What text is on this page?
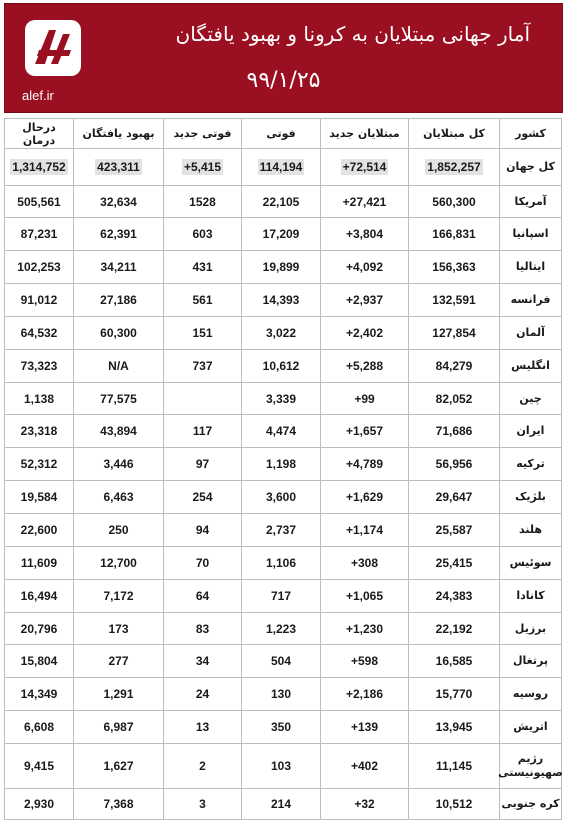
alef.ir
آمار جهانی مبتلایان به کرونا و بهبود یافتگان
۹۹/۱/۲۵
کشور
کل مبتلایان
مبتلایان جدید
فوتی
فوتی جدید
بهبود یافتگان
درحال درمان
کل جهان
1,852,257
+72,514
114,194
+5,415
423,311
1,314,752
آمریکا
560,300
+27,421
22,105
1528
32,634
505,561
اسپانیا
166,831
+3,804
17,209
603
62,391
87,231
ایتالیا
156,363
+4,092
19,899
431
34,211
102,253
فرانسه
132,591
+2,937
14,393
561
27,186
91,012
آلمان
127,854
+2,402
3,022
151
60,300
64,532
انگلیس
84,279
+5,288
10,612
737
N/A
73,323
چین
82,052
+99
3,339
77,575
1,138
ایران
71,686
+1,657
4,474
117
43,894
23,318
ترکیه
56,956
+4,789
1,198
97
3,446
52,312
بلژیک
29,647
+1,629
3,600
254
6,463
19,584
هلند
25,587
+1,174
2,737
94
250
22,600
سوئیس
25,415
+308
1,106
70
12,700
11,609
کانادا
24,383
+1,065
717
64
7,172
16,494
برزیل
22,192
+1,230
1,223
83
173
20,796
پرتغال
16,585
+598
504
34
277
15,804
روسیه
15,770
+2,186
130
24
1,291
14,349
اتریش
13,945
+139
350
13
6,987
6,608
رژیم صهیونیستی
11,145
+402
103
2
1,627
9,415
کره جنوبی
10,512
+32
214
3
7,368
2,930
